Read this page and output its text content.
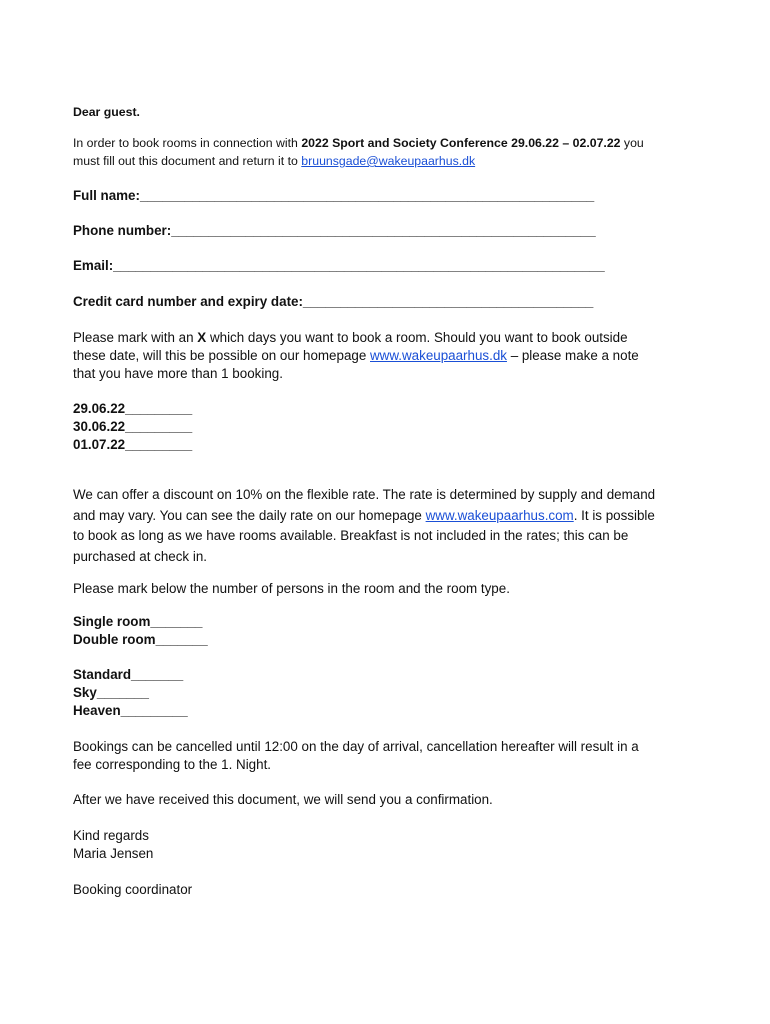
Dear guest.
In order to book rooms in connection with 2022 Sport and Society Conference 29.06.22 – 02.07.22 you
must fill out this document and return it to bruunsgade@wakeupaarhus.dk
Full name:_____________________________________________________________
Phone number:_________________________________________________________
Email:__________________________________________________________________
Credit card number and expiry date:_______________________________________
Please mark with an X which days you want to book a room. Should you want to book outside
these date, will this be possible on our homepage www.wakeupaarhus.dk – please make a note
that you have more than 1 booking.
29.06.22_________
30.06.22_________
01.07.22_________
We can offer a discount on 10% on the flexible rate. The rate is determined by supply and demand
and may vary. You can see the daily rate on our homepage www.wakeupaarhus.com. It is possible
to book as long as we have rooms available. Breakfast is not included in the rates; this can be
purchased at check in.
Please mark below the number of persons in the room and the room type.
Single room_______
Double room_______
Standard_______
Sky_______
Heaven_________
Bookings can be cancelled until 12:00 on the day of arrival, cancellation hereafter will result in a
fee corresponding to the 1. Night.
After we have received this document, we will send you a confirmation.
Kind regards
Maria Jensen
Booking coordinator
